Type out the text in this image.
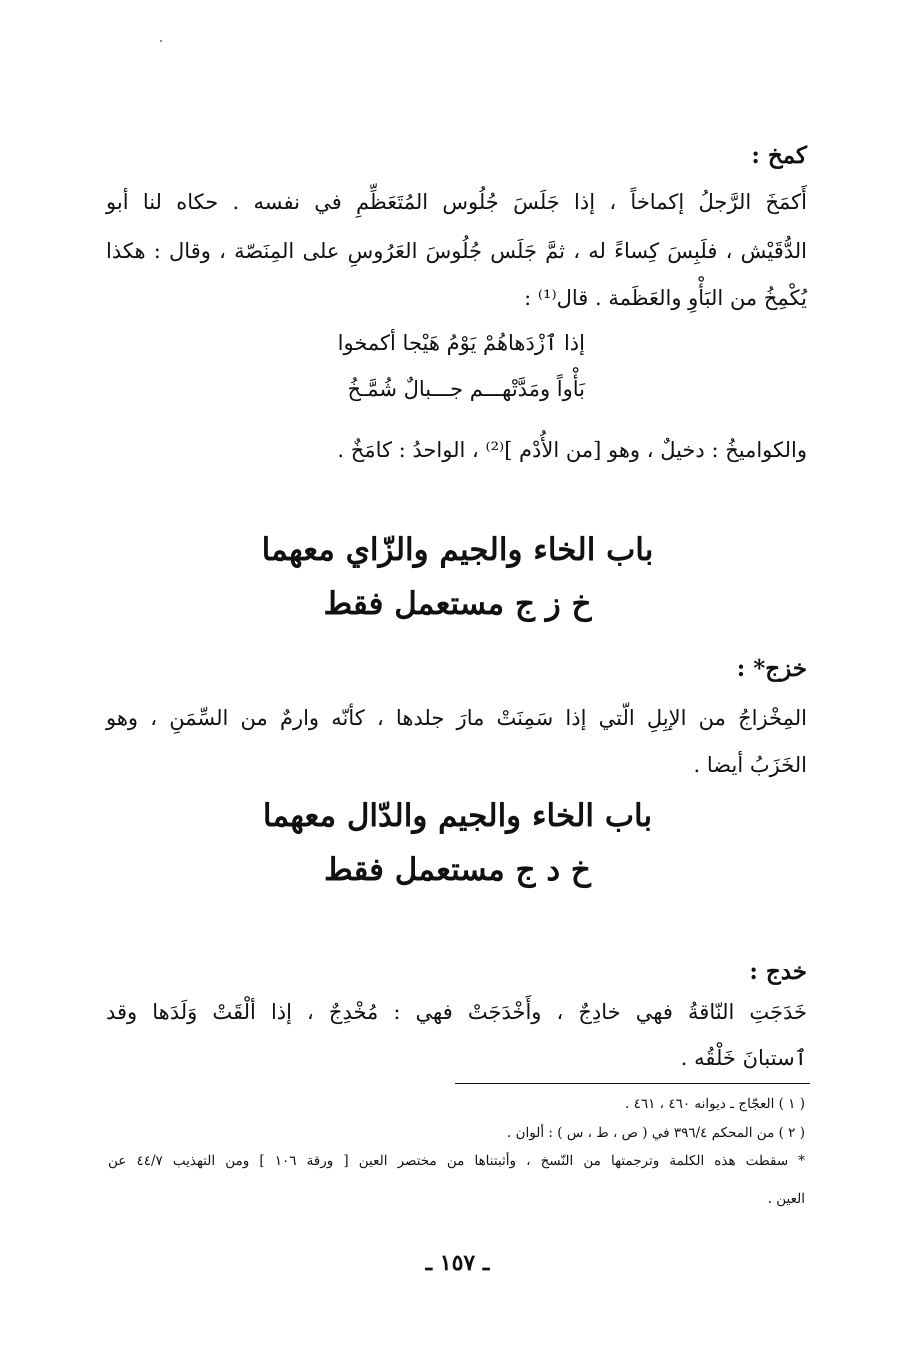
كمخ :
أَكمَخَ الرَّجلُ إكماخاً ، إذا جَلَسَ جُلُوس المُتَعَظِّمِ في نفسه . حكاه لنا أبو
الدُّقَيْش ، فلَبِسَ كِساءً له ، ثمَّ جَلَس جُلُوسَ العَرُوسِ على المِنَصّة ، وقال : هكذا
يُكْمِخُ من البَأْوِ والعَظَمة . قال⁽¹⁾ :
إذا ٱزْدَهاهُمْ يَوْمُ هَيْجا أكمخوا
بَأْواً ومَدَّتْهـــم جـــبالٌ شُمَّـخُ
والكواميخُ : دخيلٌ ، وهو [من الأُدْم ]⁽²⁾ ، الواحدُ : كامَخٌ .
باب الخاء والجيم والزّاي معهما
خ ز ج مستعمل فقط
خزج* :
المِخْزاجُ من الإبِلِ الّتي إذا سَمِنَتْ مارَ جلدها ، كأنّه وارمٌ من السِّمَنِ ، وهو
الخَزَبُ أيضا .
باب الخاء والجيم والدّال معهما
خ د ج مستعمل فقط
خدج :
خَدَجَتِ النّاقةُ فهي خادِجٌ ، وأَخْدَجَتْ فهي : مُخْدِجٌ ، إذا ألْقَتْ وَلَدَها وقد
ٱستبانَ خَلْقُه .
( ١ ) العجّاج ـ ديوانه ٤٦٠ ، ٤٦١ .
( ٢ ) من المحكم ٣٩٦/٤ في ( ص ، ط ، س ) : ألوان .
* سقطت هذه الكلمة وترجمتها من النّسخ ، وأثبتناها من مختصر العين [ ورقة ١٠٦ ] ومن التهذيب ٤٤/٧ عن
العين .
ـ ١٥٧ ـ
